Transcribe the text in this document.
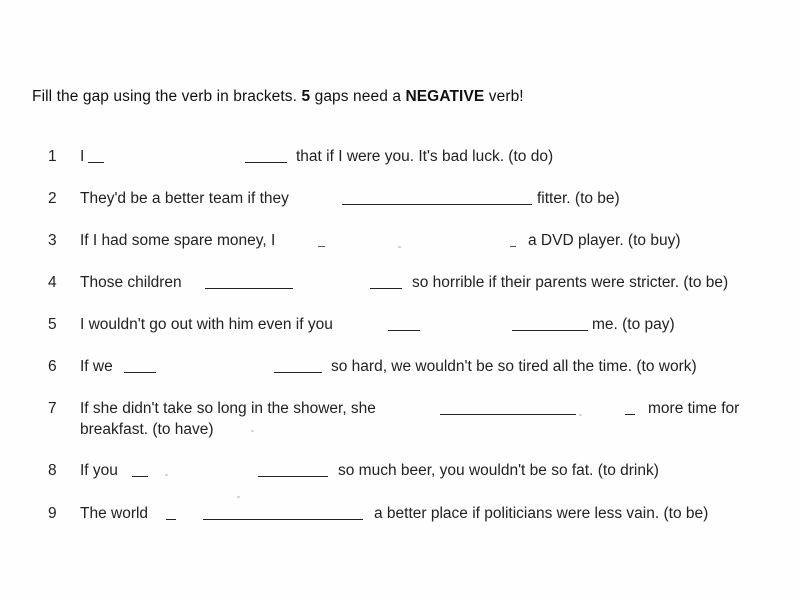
Fill the gap using the verb in brackets. 5 gaps need a NEGATIVE verb!
1	I	that if I were you. It's bad luck. (to do)
2	They'd be a better team if they	fitter. (to be)
3	If I had some spare money, I	a DVD player. (to buy)
4	Those children	so horrible if their parents were stricter. (to be)
5	I wouldn't go out with him even if you	me. (to pay)
6	If we	so hard, we wouldn't be so tired all the time. (to work)
7	If she didn't take so long in the shower, she	more time for
breakfast. (to have)
8	If you	so much beer, you wouldn't be so fat. (to drink)
9	The world	a better place if politicians were less vain. (to be)
